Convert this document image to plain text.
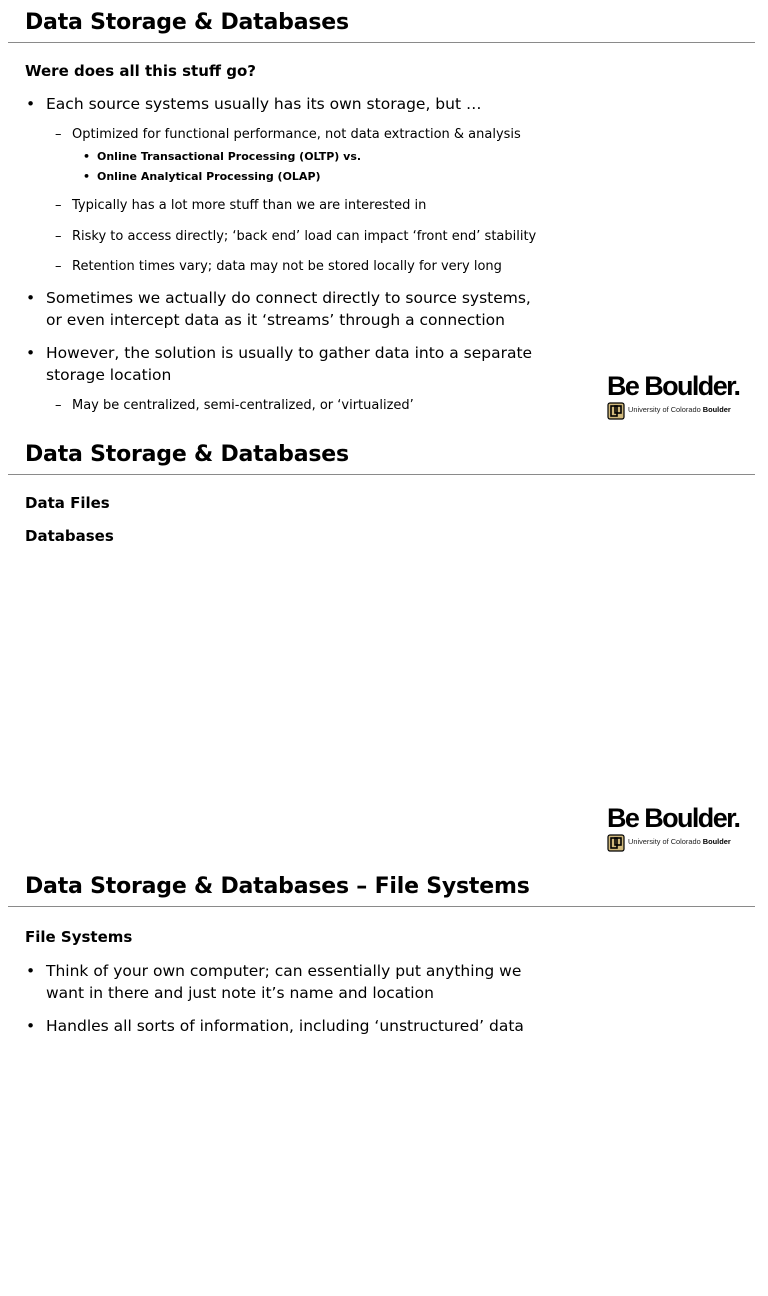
Data Storage & Databases
Were does all this stuff go?
• Each source systems usually has its own storage, but …
– Optimized for functional performance, not data extraction & analysis
• Online Transactional Processing (OLTP) vs.
• Online Analytical Processing (OLAP)
– Typically has a lot more stuff than we are interested in
– Risky to access directly; ‘back end’ load can impact ‘front end’ stability
– Retention times vary; data may not be stored locally for very long
• Sometimes we actually do connect directly to source systems, or even intercept data as it ‘streams’ through a connection
• However, the solution is usually to gather data into a separate storage location
– May be centralized, semi-centralized, or ‘virtualized’
Be Boulder.
University of Colorado Boulder
Data Storage & Databases
Data Files
Databases
Be Boulder.
University of Colorado Boulder
Data Storage & Databases – File Systems
File Systems
• Think of your own computer; can essentially put anything we want in there and just note it’s name and location
• Handles all sorts of information, including ‘unstructured’ data
